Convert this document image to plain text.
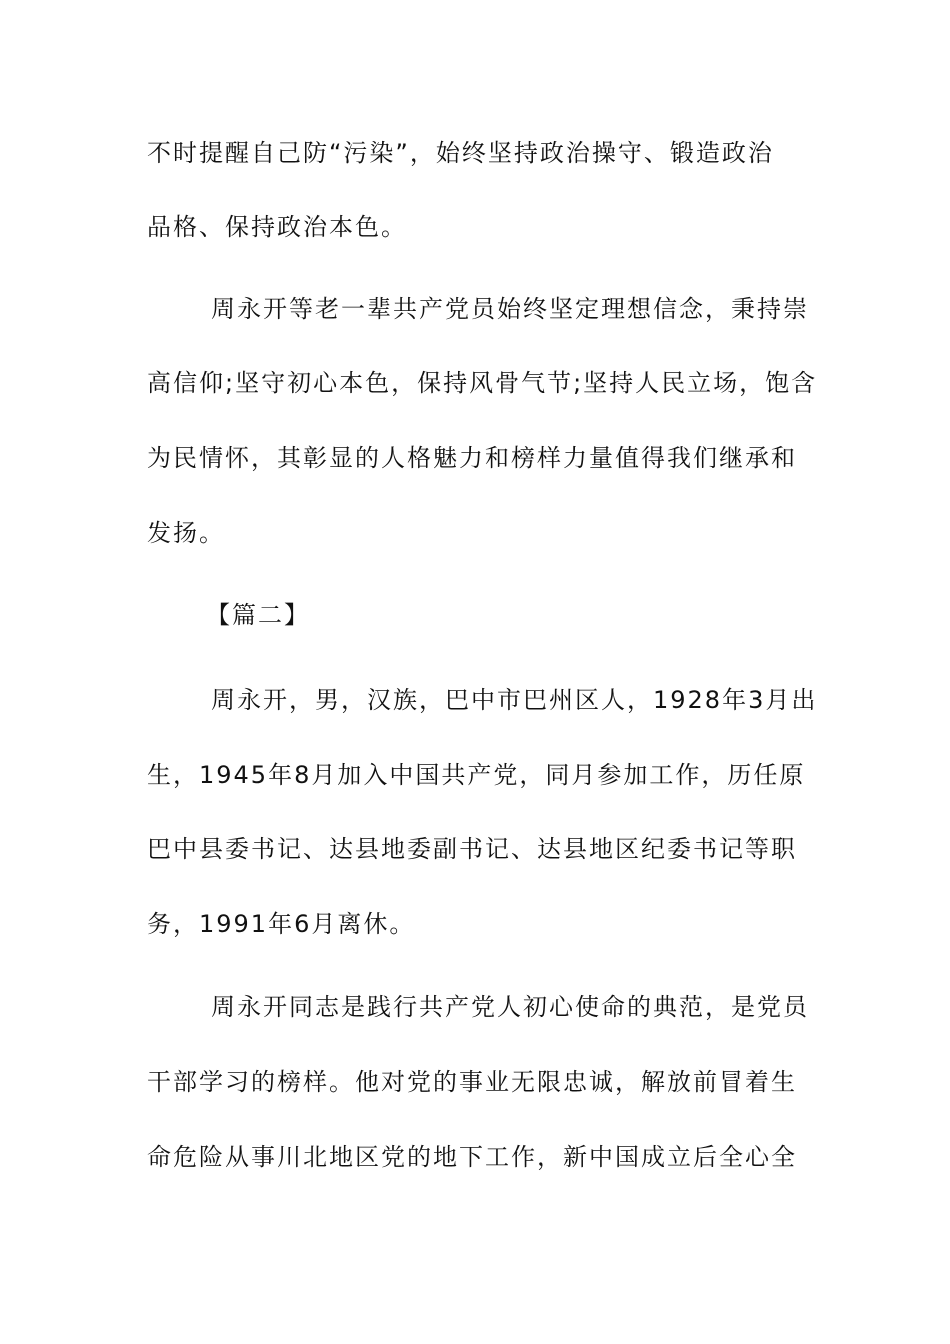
不时提醒自己防“污染”，始终坚持政治操守、锻造政治
品格、保持政治本色。
周永开等老一辈共产党员始终坚定理想信念，秉持崇
高信仰;坚守初心本色，保持风骨气节;坚持人民立场，饱含
为民情怀，其彰显的人格魅力和榜样力量值得我们继承和
发扬。
【篇二】
周永开，男，汉族，巴中市巴州区人，1928年3月出
生，1945年8月加入中国共产党，同月参加工作，历任原
巴中县委书记、达县地委副书记、达县地区纪委书记等职
务，1991年6月离休。
周永开同志是践行共产党人初心使命的典范，是党员
干部学习的榜样。他对党的事业无限忠诚，解放前冒着生
命危险从事川北地区党的地下工作，新中国成立后全心全
